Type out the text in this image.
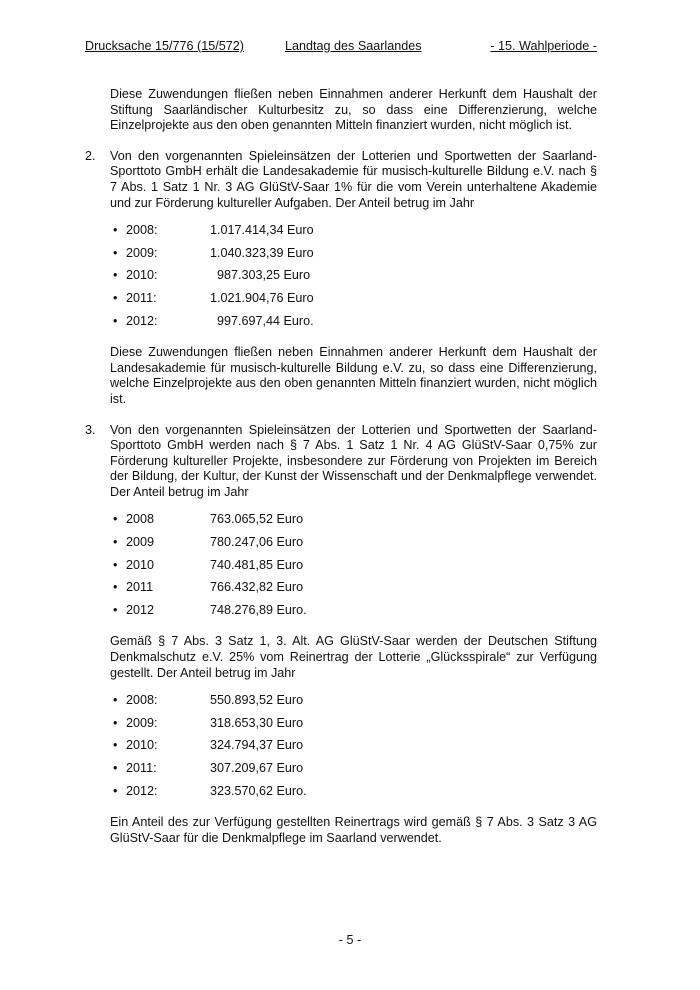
Drucksache 15/776 (15/572)	Landtag des Saarlandes	- 15. Wahlperiode -

Diese Zuwendungen fließen neben Einnahmen anderer Herkunft dem Haushalt der Stiftung Saarländischer Kulturbesitz zu, so dass eine Differenzierung, welche Einzelprojekte aus den oben genannten Mitteln finanziert wurden, nicht möglich ist.

2.	Von den vorgenannten Spieleinsätzen der Lotterien und Sportwetten der Saarland-Sporttoto GmbH erhält die Landesakademie für musisch-kulturelle Bildung e.V. nach § 7 Abs. 1 Satz 1 Nr. 3 AG GlüStV-Saar 1% für die vom Verein unterhaltene Akademie und zur Förderung kultureller Aufgaben. Der Anteil betrug im Jahr

• 2008:	1.017.414,34 Euro
• 2009:	1.040.323,39 Euro
• 2010:	987.303,25 Euro
• 2011:	1.021.904,76 Euro
• 2012:	997.697,44 Euro.

Diese Zuwendungen fließen neben Einnahmen anderer Herkunft dem Haushalt der Landesakademie für musisch-kulturelle Bildung e.V. zu, so dass eine Differenzierung, welche Einzelprojekte aus den oben genannten Mitteln finanziert wurden, nicht möglich ist.

3.	Von den vorgenannten Spieleinsätzen der Lotterien und Sportwetten der Saarland-Sporttoto GmbH werden nach § 7 Abs. 1 Satz 1 Nr. 4 AG GlüStV-Saar 0,75% zur Förderung kultureller Projekte, insbesondere zur Förderung von Projekten im Bereich der Bildung, der Kultur, der Kunst der Wissenschaft und der Denkmalpflege verwendet. Der Anteil betrug im Jahr

• 2008	763.065,52 Euro
• 2009	780.247,06 Euro
• 2010	740.481,85 Euro
• 2011	766.432,82 Euro
• 2012	748.276,89 Euro.

Gemäß § 7 Abs. 3 Satz 1, 3. Alt. AG GlüStV-Saar werden der Deutschen Stiftung Denkmalschutz e.V. 25% vom Reinertrag der Lotterie „Glücksspirale“ zur Verfügung gestellt. Der Anteil betrug im Jahr

• 2008:	550.893,52 Euro
• 2009:	318.653,30 Euro
• 2010:	324.794,37 Euro
• 2011:	307.209,67 Euro
• 2012:	323.570,62 Euro.

Ein Anteil des zur Verfügung gestellten Reinertrags wird gemäß § 7 Abs. 3 Satz 3 AG GlüStV-Saar für die Denkmalpflege im Saarland verwendet.

- 5 -
